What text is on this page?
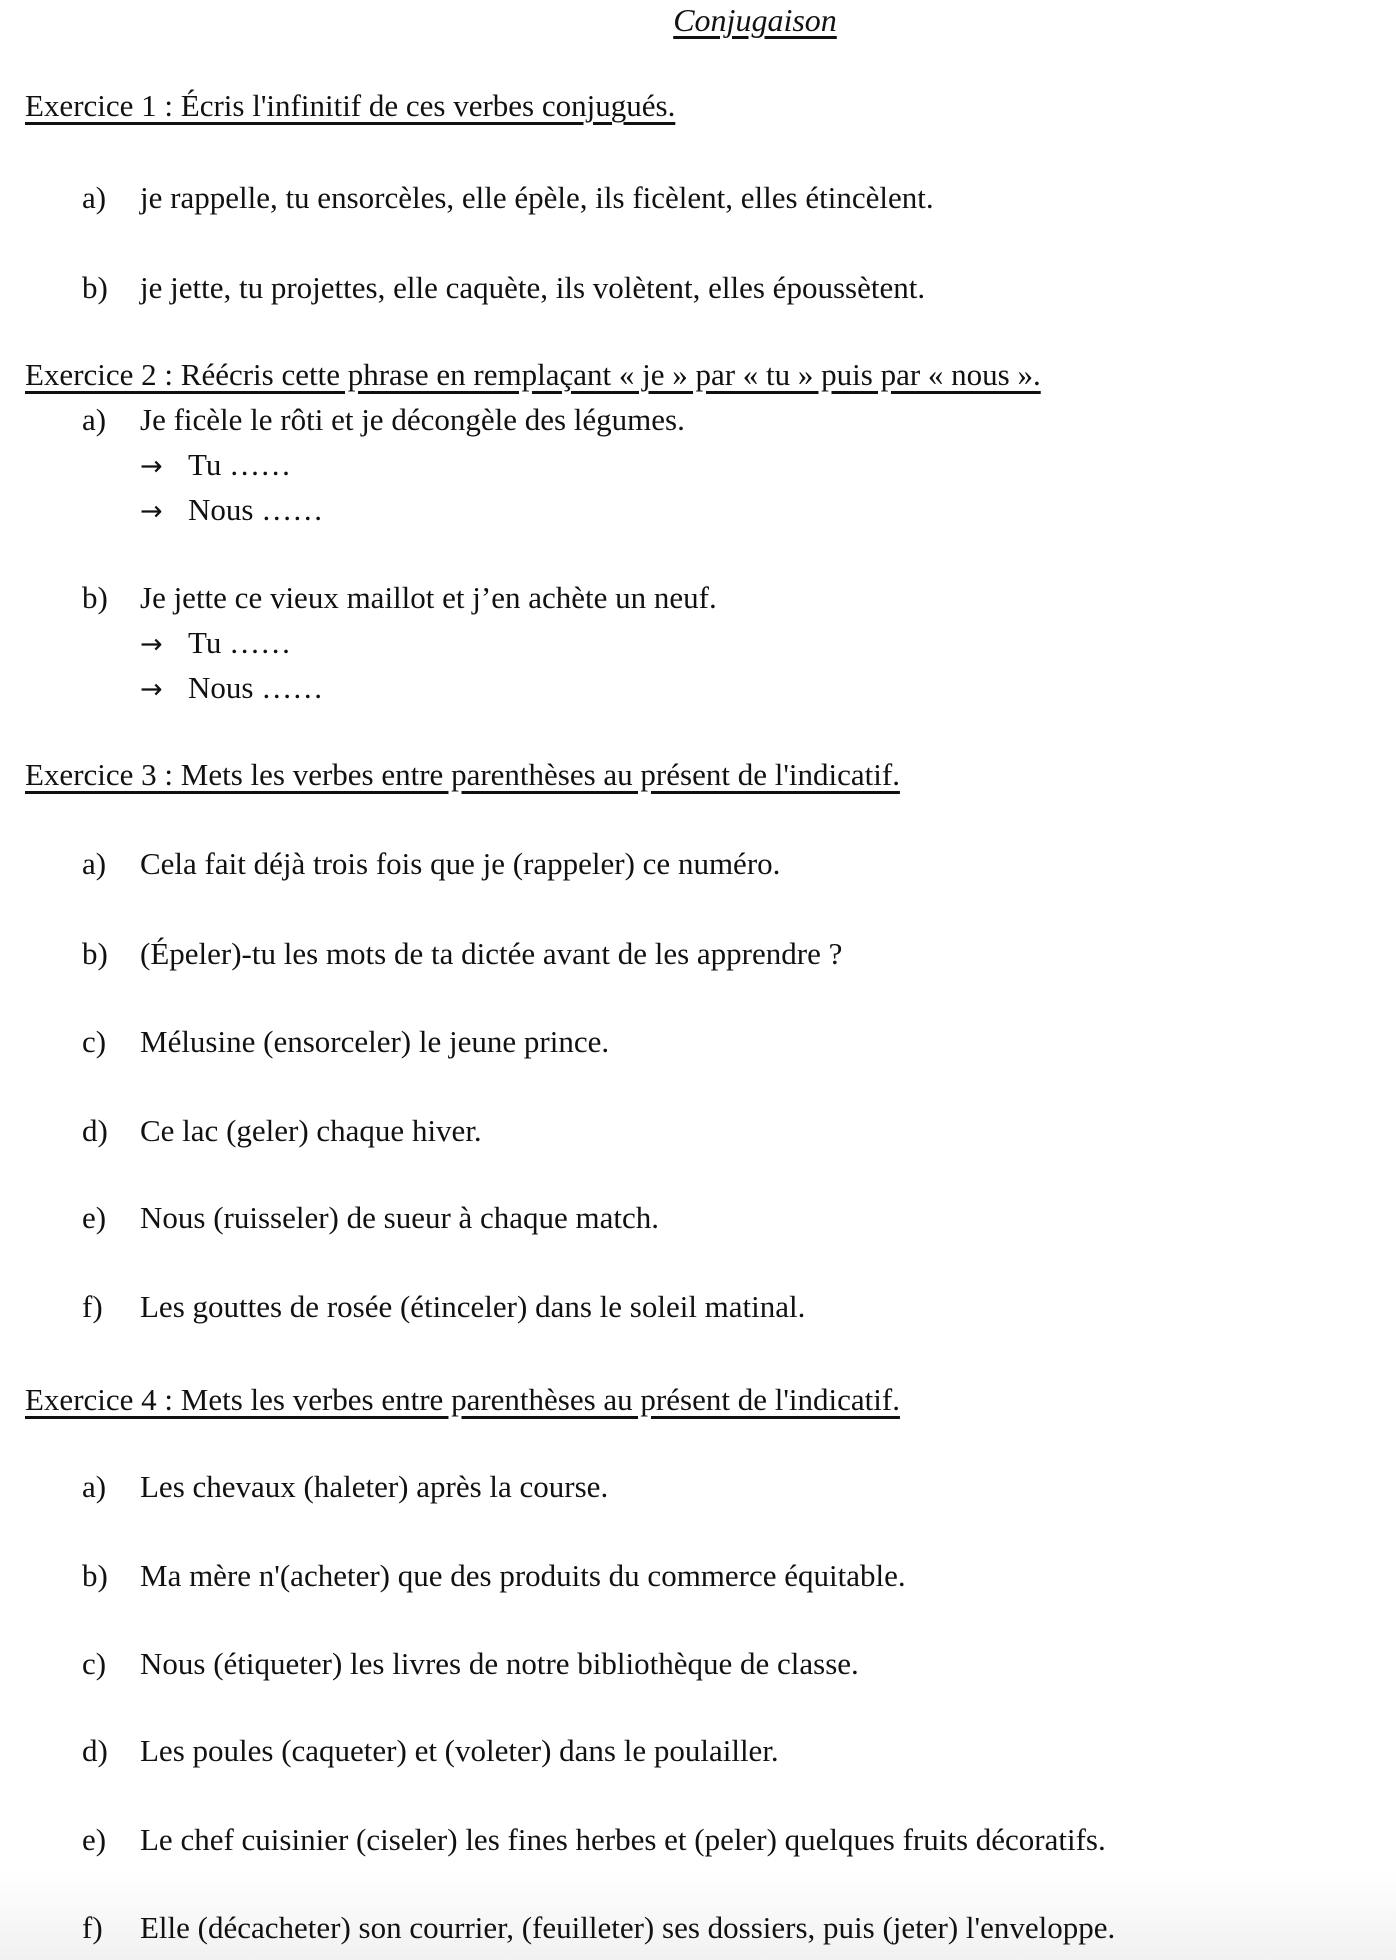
Conjugaison
Exercice 1 : Écris l'infinitif de ces verbes conjugués.
a) je rappelle, tu ensorcèles, elle épèle, ils ficèlent, elles étincèlent.
b) je jette, tu projettes, elle caquète, ils volètent, elles époussètent.
Exercice 2 : Réécris cette phrase en remplaçant « je » par « tu » puis par « nous ».
a) Je ficèle le rôti et je décongèle des légumes.
→ Tu ……
→ Nous ……
b) Je jette ce vieux maillot et j’en achète un neuf.
→ Tu ……
→ Nous ……
Exercice 3 : Mets les verbes entre parenthèses au présent de l'indicatif.
a) Cela fait déjà trois fois que je (rappeler) ce numéro.
b) (Épeler)-tu les mots de ta dictée avant de les apprendre ?
c) Mélusine (ensorceler) le jeune prince.
d) Ce lac (geler) chaque hiver.
e) Nous (ruisseler) de sueur à chaque match.
f) Les gouttes de rosée (étinceler) dans le soleil matinal.
Exercice 4 : Mets les verbes entre parenthèses au présent de l'indicatif.
a) Les chevaux (haleter) après la course.
b) Ma mère n'(acheter) que des produits du commerce équitable.
c) Nous (étiqueter) les livres de notre bibliothèque de classe.
d) Les poules (caqueter) et (voleter) dans le poulailler.
e) Le chef cuisinier (ciseler) les fines herbes et (peler) quelques fruits décoratifs.
f) Elle (décacheter) son courrier, (feuilleter) ses dossiers, puis (jeter) l'enveloppe.
